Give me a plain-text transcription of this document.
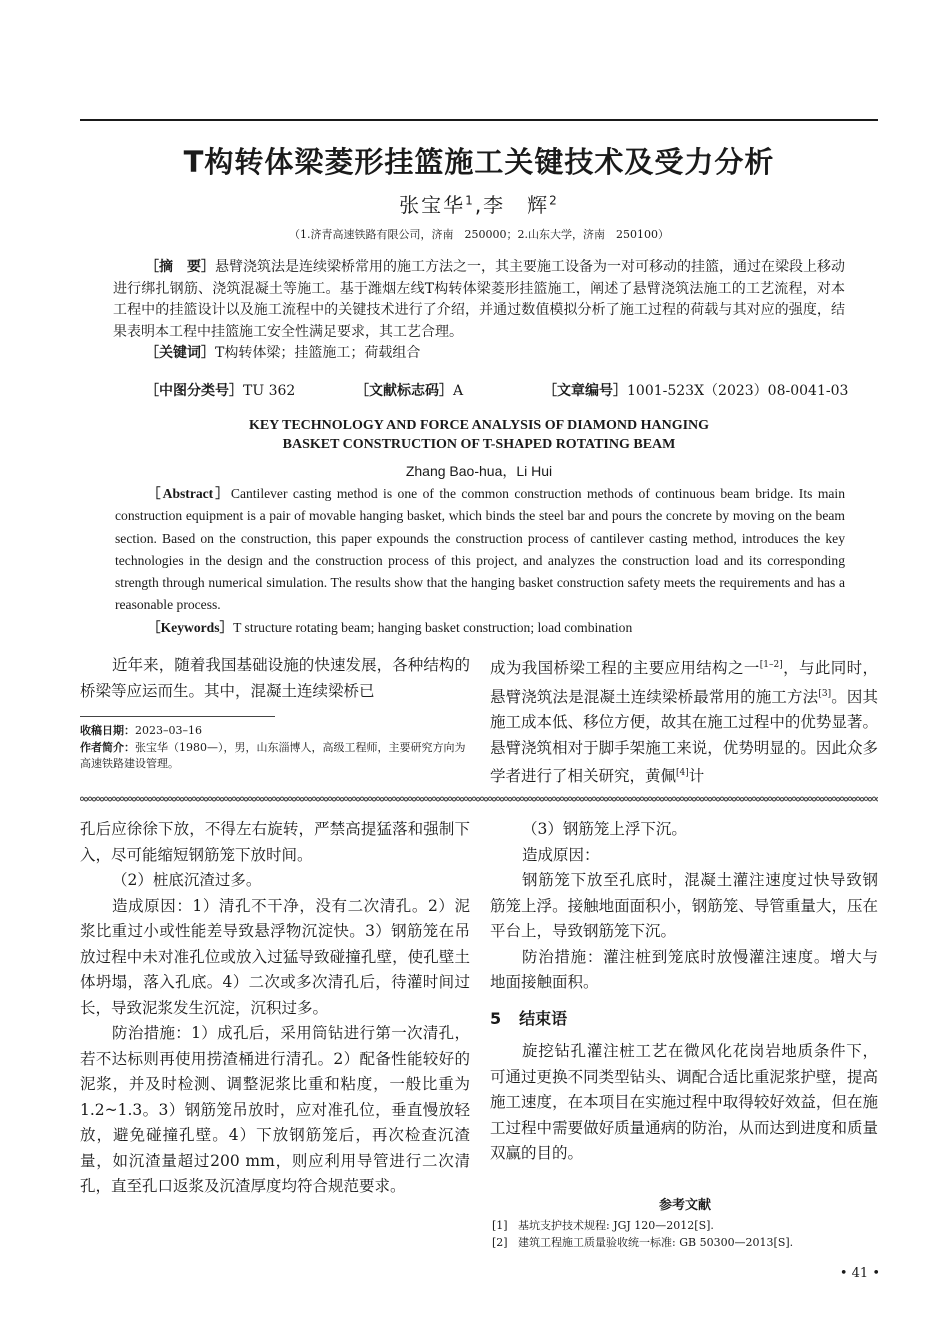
T构转体梁菱形挂篮施工关键技术及受力分析
张宝华$^1$,李　辉$^2$
（1.济青高速铁路有限公司，济南　250000；2.山东大学，济南　250100）
［摘　要］悬臂浇筑法是连续梁桥常用的施工方法之一，其主要施工设备为一对可移动的挂篮，通过在梁段上移动进行绑扎钢筋、浇筑混凝土等施工。基于潍烟左线T构转体梁菱形挂篮施工，阐述了悬臂浇筑法施工的工艺流程，对本工程中的挂篮设计以及施工流程中的关键技术进行了介绍，并通过数值模拟分析了施工过程的荷载与其对应的强度，结果表明本工程中挂篮施工安全性满足要求，其工艺合理。
［关键词］T构转体梁；挂篮施工；荷载组合
［中图分类号］TU 362	［文献标志码］A	［文章编号］1001-523X（2023）08-0041-03
KEY TECHNOLOGY AND FORCE ANALYSIS OF DIAMOND HANGING
BASKET CONSTRUCTION OF T-SHAPED ROTATING BEAM
Zhang Bao-hua，Li Hui
［Abstract］Cantilever casting method is one of the common construction methods of continuous beam bridge. Its main construction equipment is a pair of movable hanging basket, which binds the steel bar and pours the concrete by moving on the beam section. Based on the construction, this paper expounds the construction process of cantilever casting method, introduces the key technologies in the design and the construction process of this project, and analyzes the construction load and its corresponding strength through numerical simulation. The results show that the hanging basket construction safety meets the requirements and has a reasonable process.
［Keywords］T structure rotating beam; hanging basket construction; load combination
近年来，随着我国基础设施的快速发展，各种结构的桥梁等应运而生。其中，混凝土连续梁桥已
收稿日期：2023–03–16
作者简介：张宝华（1980—），男，山东淄博人，高级工程师，主要研究方向为高速铁路建设管理。
成为我国桥梁工程的主要应用结构之一[1–2]，与此同时，悬臂浇筑法是混凝土连续梁桥最常用的施工方法[3]。因其施工成本低、移位方便，故其在施工过程中的优势显著。悬臂浇筑相对于脚手架施工来说，优势明显的。因此众多学者进行了相关研究，黄佩[4]计
孔后应徐徐下放，不得左右旋转，严禁高提猛落和强制下入，尽可能缩短钢筋笼下放时间。
（2）桩底沉渣过多。
造成原因：1）清孔不干净，没有二次清孔。2）泥浆比重过小或性能差导致悬浮物沉淀快。3）钢筋笼在吊放过程中未对准孔位或放入过猛导致碰撞孔壁，使孔壁土体坍塌，落入孔底。4）二次或多次清孔后，待灌时间过长，导致泥浆发生沉淀，沉积过多。
防治措施：1）成孔后，采用筒钻进行第一次清孔，若不达标则再使用捞渣桶进行清孔。2）配备性能较好的泥浆，并及时检测、调整泥浆比重和粘度，一般比重为1.2~1.3。3）钢筋笼吊放时，应对准孔位，垂直慢放轻放，避免碰撞孔壁。4）下放钢筋笼后，再次检查沉渣量，如沉渣量超过200 mm，则应利用导管进行二次清孔，直至孔口返浆及沉渣厚度均符合规范要求。
（3）钢筋笼上浮下沉。
造成原因：
钢筋笼下放至孔底时，混凝土灌注速度过快导致钢筋笼上浮。接触地面面积小，钢筋笼、导管重量大，压在平台上，导致钢筋笼下沉。
防治措施：灌注桩到笼底时放慢灌注速度。增大与地面接触面积。
5 结束语
旋挖钻孔灌注桩工艺在微风化花岗岩地质条件下，可通过更换不同类型钻头、调配合适比重泥浆护壁，提高施工速度，在本项目在实施过程中取得较好效益，但在施工过程中需要做好质量通病的防治，从而达到进度和质量双赢的目的。
参考文献
[1] 基坑支护技术规程: JGJ 120—2012[S].
[2] 建筑工程施工质量验收统一标准: GB 50300—2013[S].
• 41 •
